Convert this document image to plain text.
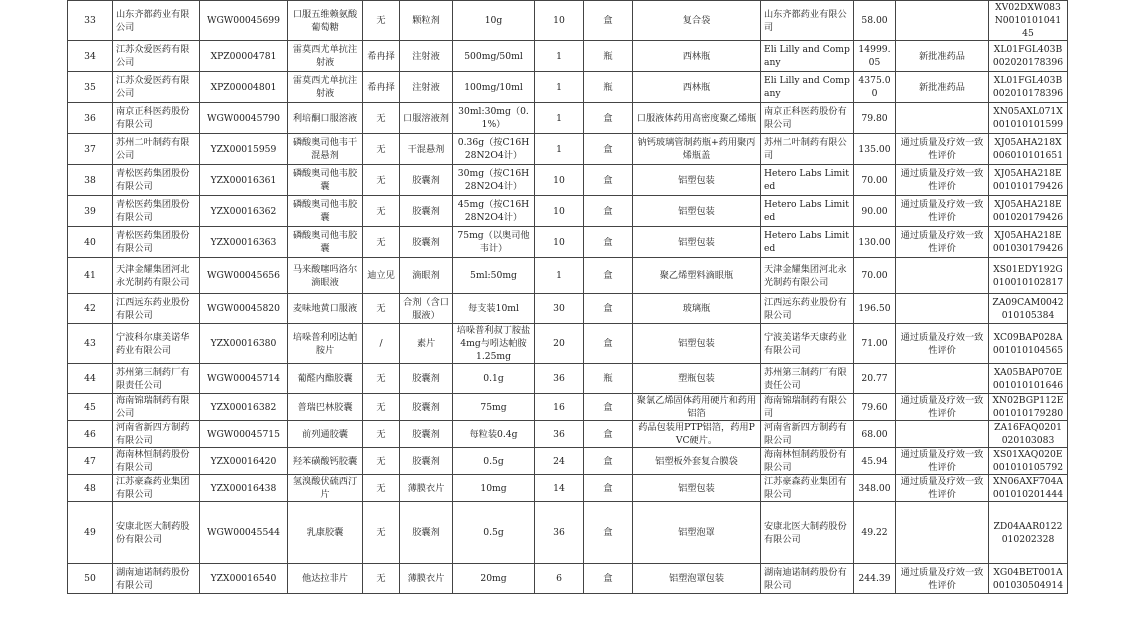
33	山东齐都药业有限公司	WGW00045699	口服五维赖氨酸葡萄糖	无	颗粒剂	10g	10	盒	复合袋	山东齐都药业有限公司	58.00		XV02DXW083N001010104145
34	江苏众爱医药有限公司	XPZ00004781	雷莫西尤单抗注射液	希冉择	注射液	500mg/50ml	1	瓶	西林瓶	Eli Lilly and Company	14999.05	新批准药品	XL01FGL403B002020178396
35	江苏众爱医药有限公司	XPZ00004801	雷莫西尤单抗注射液	希冉择	注射液	100mg/10ml	1	瓶	西林瓶	Eli Lilly and Company	4375.00	新批准药品	XL01FGL403B002010178396
36	南京正科医药股份有限公司	WGW00045790	利培酮口服溶液	无	口服溶液剂	30ml:30mg（0.1%）	1	盒	口服液体药用高密度聚乙烯瓶	南京正科医药股份有限公司	79.80		XN05AXL071X001010101599
37	苏州二叶制药有限公司	YZX00015959	磷酸奥司他韦干混悬剂	无	干混悬剂	0.36g（按C16H28N2O4计）	1	盒	钠钙玻璃管制药瓶+药用聚丙烯瓶盖	苏州二叶制药有限公司	135.00	通过质量及疗效一致性评价	XJ05AHA218X006010101651
38	青松医药集团股份有限公司	YZX00016361	磷酸奥司他韦胶囊	无	胶囊剂	30mg（按C16H28N2O4计）	10	盒	铝塑包装	Hetero Labs Limited	70.00	通过质量及疗效一致性评价	XJ05AHA218E001010179426
39	青松医药集团股份有限公司	YZX00016362	磷酸奥司他韦胶囊	无	胶囊剂	45mg（按C16H28N2O4计）	10	盒	铝塑包装	Hetero Labs Limited	90.00	通过质量及疗效一致性评价	XJ05AHA218E001020179426
40	青松医药集团股份有限公司	YZX00016363	磷酸奥司他韦胶囊	无	胶囊剂	75mg（以奥司他韦计）	10	盒	铝塑包装	Hetero Labs Limited	130.00	通过质量及疗效一致性评价	XJ05AHA218E001030179426
41	天津金耀集团河北永光制药有限公司	WGW00045656	马来酸噻吗洛尔滴眼液	迪立见	滴眼剂	5ml:50mg	1	盒	聚乙烯塑料滴眼瓶	天津金耀集团河北永光制药有限公司	70.00		XS01EDY192G010010102817
42	江西远东药业股份有限公司	WGW00045820	麦味地黄口服液	无	合剂（含口服液）	每支装10ml	30	盒	玻璃瓶	江西远东药业股份有限公司	196.50		ZA09CAM0042010105384
43	宁波科尔康美诺华药业有限公司	YZX00016380	培哚普利吲达帕胺片	/	素片	培哚普利叔丁胺盐4mg与吲达帕胺1.25mg	20	盒	铝塑包装	宁波美诺华天康药业有限公司	71.00	通过质量及疗效一致性评价	XC09BAP028A001010104565
44	苏州第三制药厂有限责任公司	WGW00045714	葡醛内酯胶囊	无	胶囊剂	0.1g	36	瓶	塑瓶包装	苏州第三制药厂有限责任公司	20.77		XA05BAP070E001010101646
45	海南锦瑞制药有限公司	YZX00016382	普瑞巴林胶囊	无	胶囊剂	75mg	16	盒	聚氯乙烯固体药用硬片和药用铝箔	海南锦瑞制药有限公司	79.60	通过质量及疗效一致性评价	XN02BGP112E001010179280
46	河南省新四方制药有限公司	WGW00045715	前列通胶囊	无	胶囊剂	每粒装0.4g	36	盒	药品包装用PTP铝箔，药用PVC硬片。	河南省新四方制药有限公司	68.00		ZA16FAQ0201020103083
47	海南林恒制药股份有限公司	YZX00016420	羟苯磺酸钙胶囊	无	胶囊剂	0.5g	24	盒	铝塑板外套复合膜袋	海南林恒制药股份有限公司	45.94	通过质量及疗效一致性评价	XS01XAQ020E001010105792
48	江苏豪森药业集团有限公司	YZX00016438	氢溴酸伏硫西汀片	无	薄膜衣片	10mg	14	盒	铝塑包装	江苏豪森药业集团有限公司	348.00	通过质量及疗效一致性评价	XN06AXF704A001010201444
49	安康北医大制药股份有限公司	WGW00045544	乳康胶囊	无	胶囊剂	0.5g	36	盒	铝塑泡罩	安康北医大制药股份有限公司	49.22		ZD04AAR0122010202328
50	湖南迪诺制药股份有限公司	YZX00016540	他达拉非片	无	薄膜衣片	20mg	6	盒	铝塑泡罩包装	湖南迪诺制药股份有限公司	244.39	通过质量及疗效一致性评价	XG04BET001A001030504914
